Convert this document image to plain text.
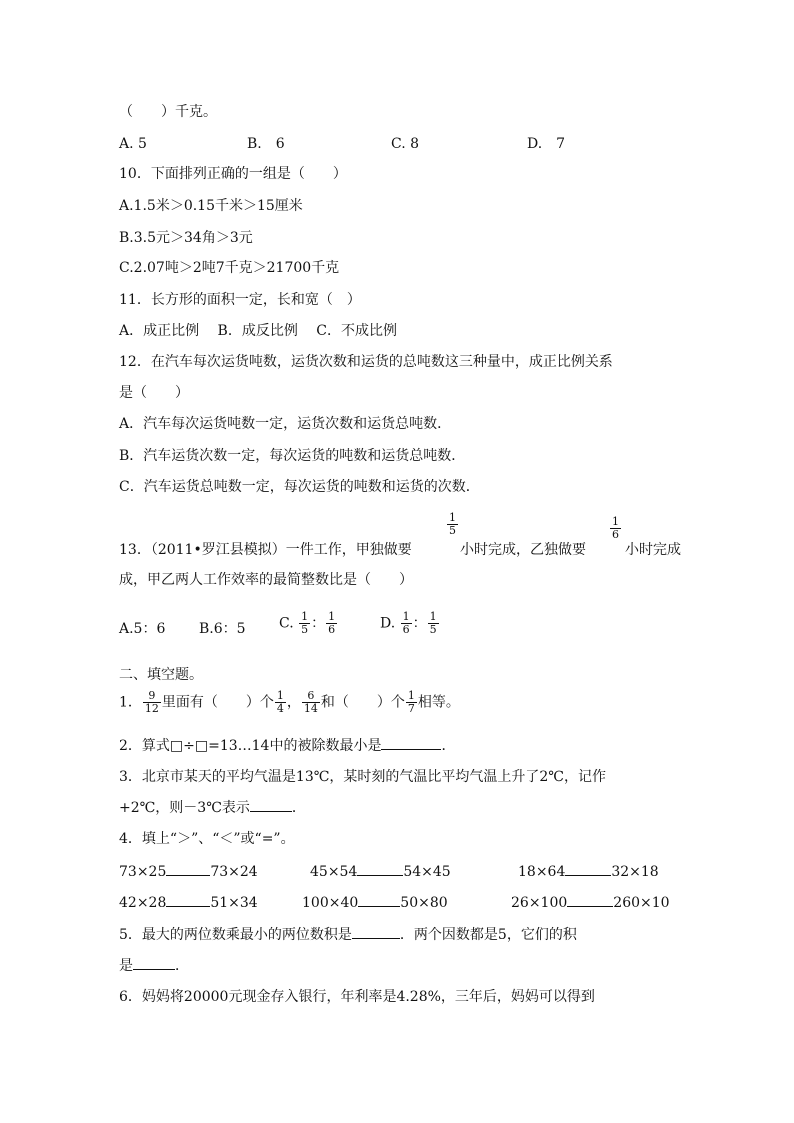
（　　）千克。
A. 5	B.　6	C. 8	D.　7
10．下面排列正确的一组是（　　）
A.1.5米＞0.15千米＞15厘米
B.3.5元＞34角＞3元
C.2.07吨＞2吨7千克＞21700千克
11．长方形的面积一定，长和宽（　）
A．成正比例　 B．成反比例　 C．不成比例
12．在汽车每次运货吨数，运货次数和运货的总吨数这三种量中，成正比例关系
是（　　）
A．汽车每次运货吨数一定，运货次数和运货总吨数．
B．汽车运货次数一定，每次运货的吨数和运货总吨数．
C．汽车运货总吨数一定，每次运货的吨数和运货的次数．
13．（2011•罗江县模拟）一件工作，甲独做要
$\frac{1}{5}$
小时完成，乙独做要
$\frac{1}{6}$
小时完成
成，甲乙两人工作效率的最简整数比是（　　）
A.5：6 B.6：5 C. $\frac{1}{5}$ ： $\frac{1}{6}$	D. $\frac{1}{6}$ ： $\frac{1}{5}$
二、填空题。
1． $\frac{9}{12}$ 里面有（　　）个 $\frac{1}{4}$ ， $\frac{6}{14}$ 和（　　）个 $\frac{1}{7}$ 相等。
2．算式□÷□=13…14中的被除数最小是	．
3．北京市某天的平均气温是13℃，某时刻的气温比平均气温上升了2℃，记作
+2℃，则－3℃表示	．
4．填上“＞”、“＜”或“=”。
73×25	73×24	45×54	54×45	18×64	32×18
42×28	51×34	100×40	50×80	26×100	260×10
5．最大的两位数乘最小的两位数积是	．两个因数都是5，它们的积
是	．
6．妈妈将20000元现金存入银行，年利率是4.28%，三年后，妈妈可以得到
